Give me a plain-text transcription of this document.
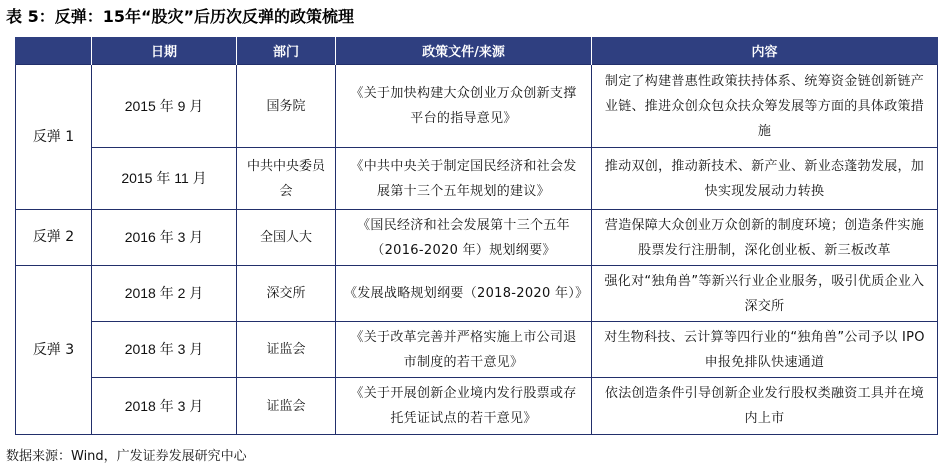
表 5：反弹：15年“股灾”后历次反弹的政策梳理
	日期	部门	政策文件/来源	内容
反弹 1	2015 年 9 月	国务院	《关于加快构建大众创业万众创新支撑平台的指导意见》	制定了构建普惠性政策扶持体系、统筹资金链创新链产业链、推进众创众包众扶众筹发展等方面的具体政策措施
	2015 年 11 月	中共中央委员会	《中共中央关于制定国民经济和社会发展第十三个五年规划的建议》	推动双创，推动新技术、新产业、新业态蓬勃发展，加快实现发展动力转换
反弹 2	2016 年 3 月	全国人大	《国民经济和社会发展第十三个五年（2016-2020 年）规划纲要》	营造保障大众创业万众创新的制度环境；创造条件实施股票发行注册制，深化创业板、新三板改革
反弹 3	2018 年 2 月	深交所	《发展战略规划纲要（2018-2020 年）》	强化对“独角兽”等新兴行业企业服务，吸引优质企业入深交所
	2018 年 3 月	证监会	《关于改革完善并严格实施上市公司退市制度的若干意见》	对生物科技、云计算等四行业的“独角兽”公司予以 IPO 申报免排队快速通道
	2018 年 3 月	证监会	《关于开展创新企业境内发行股票或存托凭证试点的若干意见》	依法创造条件引导创新企业发行股权类融资工具并在境内上市
数据来源：Wind，广发证券发展研究中心
